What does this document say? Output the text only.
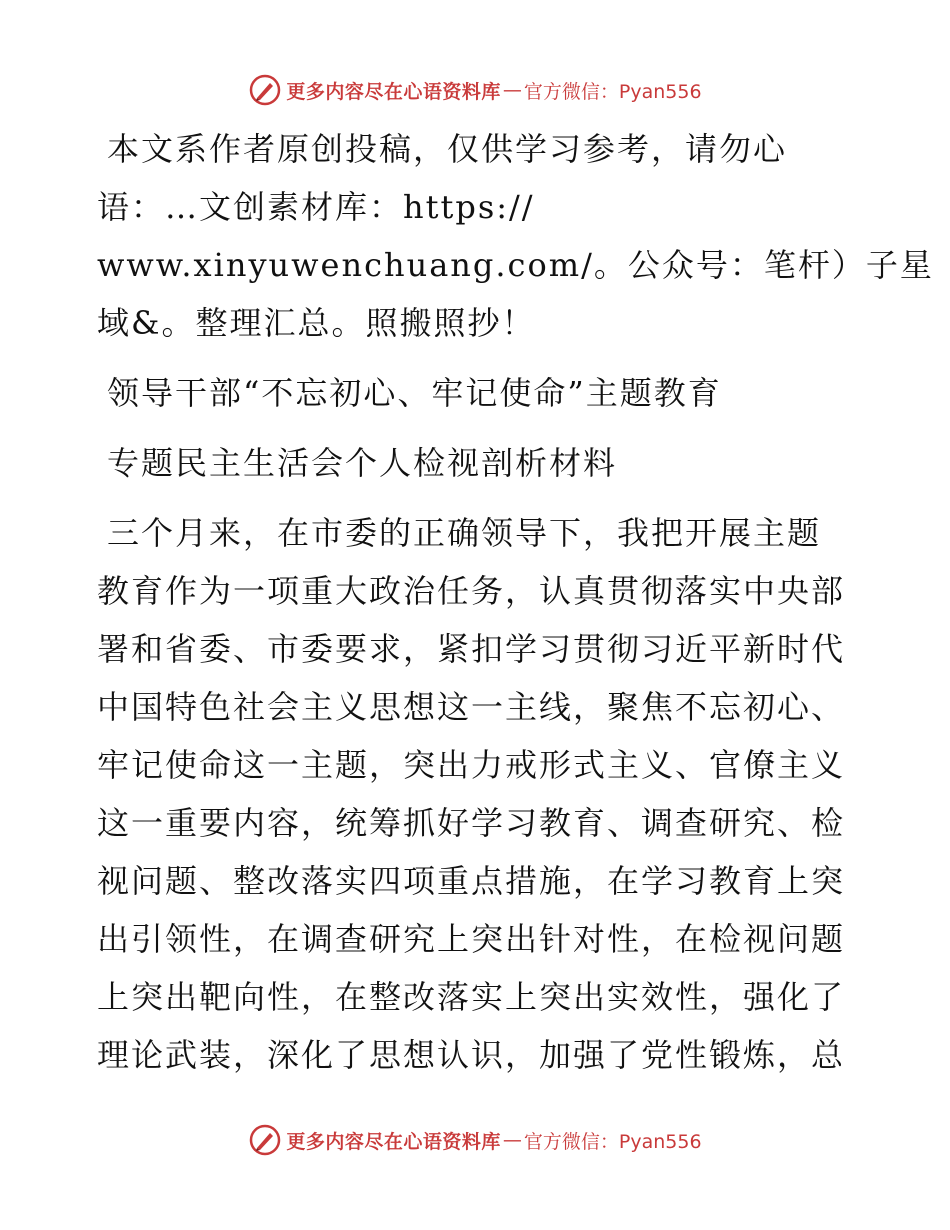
更多内容尽在心语资料库 — 官方微信：Pyan556
本文系作者原创投稿，仅供学习参考，请勿心
语：…文创素材库：https://
www.xinyuwenchuang.com/。公众号：笔杆）子星
域&。整理汇总。照搬照抄！
领导干部“不忘初心、牢记使命”主题教育
专题民主生活会个人检视剖析材料
三个月来，在市委的正确领导下，我把开展主题
教育作为一项重大政治任务，认真贯彻落实中央部
署和省委、市委要求，紧扣学习贯彻习近平新时代
中国特色社会主义思想这一主线，聚焦不忘初心、
牢记使命这一主题，突出力戒形式主义、官僚主义
这一重要内容，统筹抓好学习教育、调查研究、检
视问题、整改落实四项重点措施，在学习教育上突
出引领性，在调查研究上突出针对性，在检视问题
上突出靶向性，在整改落实上突出实效性，强化了
理论武装，深化了思想认识，加强了党性锻炼，总
更多内容尽在心语资料库 — 官方微信：Pyan556
